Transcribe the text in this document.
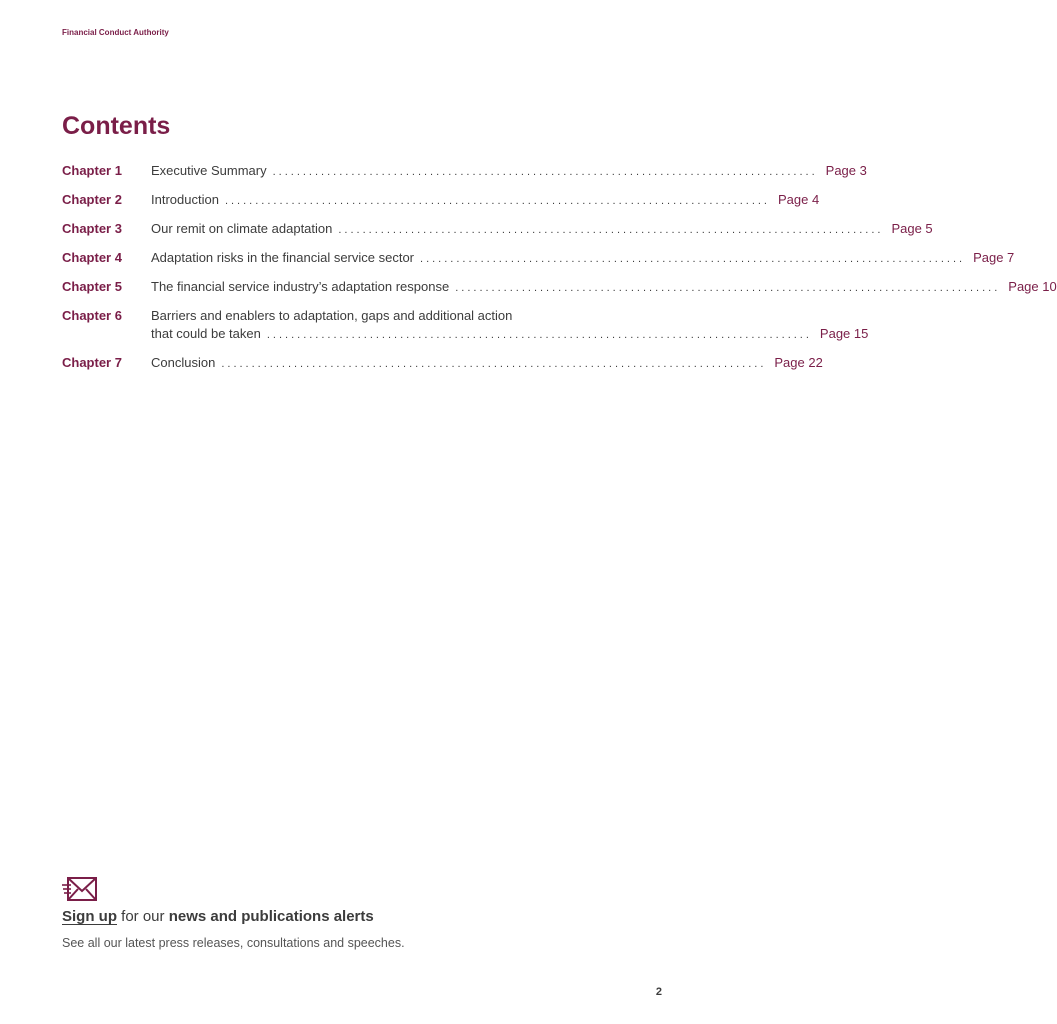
Financial Conduct Authority
Contents
Chapter 1	Executive Summary .......................................................................................... Page 3
Chapter 2	Introduction .......................................................................................... Page 4
Chapter 3	Our remit on climate adaptation .......................................................................................... Page 5
Chapter 4	Adaptation risks in the financial service sector .......................................................................................... Page 7
Chapter 5	The financial service industry’s adaptation response .......................................................................................... Page 10
Chapter 6	Barriers and enablers to adaptation, gaps and additional action
that could be taken .......................................................................................... Page 15
Chapter 7	Conclusion .......................................................................................... Page 22
Sign up for our news and publications alerts
See all our latest press releases, consultations and speeches.
2
